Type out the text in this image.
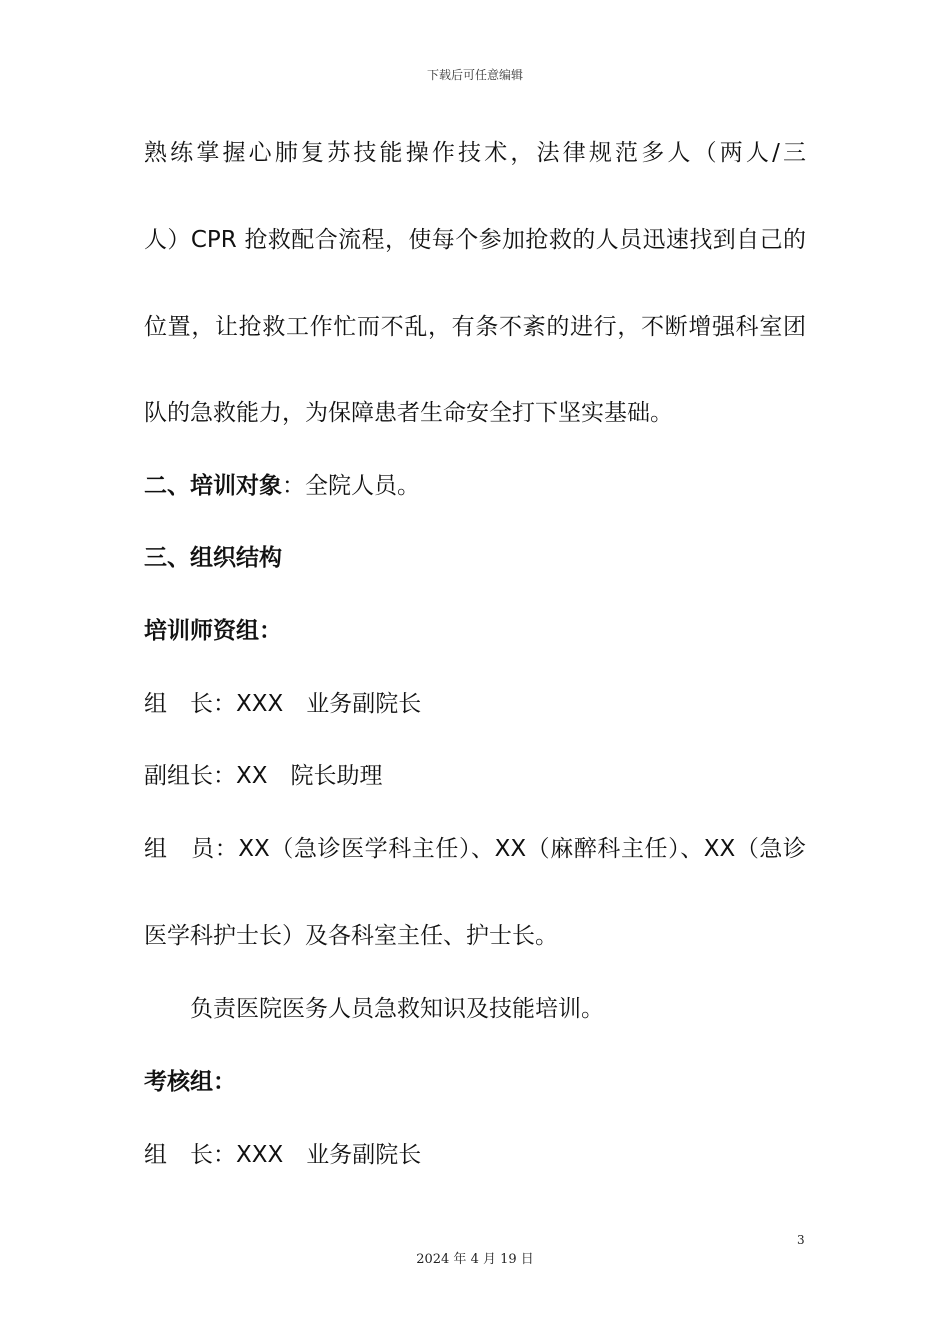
下载后可任意编辑
熟练掌握心肺复苏技能操作技术，法律规范多人（两人/三
人）CPR 抢救配合流程，使每个参加抢救的人员迅速找到自己的
位置，让抢救工作忙而不乱，有条不紊的进行，不断增强科室团
队的急救能力，为保障患者生命安全打下坚实基础。
二、培训对象：全院人员。
三、组织结构
培训师资组：
组　长：XXX　业务副院长
副组长：XX　院长助理
组　员：XX（急诊医学科主任）、XX（麻醉科主任）、XX（急诊
医学科护士长）及各科室主任、护士长。
负责医院医务人员急救知识及技能培训。
考核组：
组　长：XXX　业务副院长
3
2024 年 4 月 19 日
